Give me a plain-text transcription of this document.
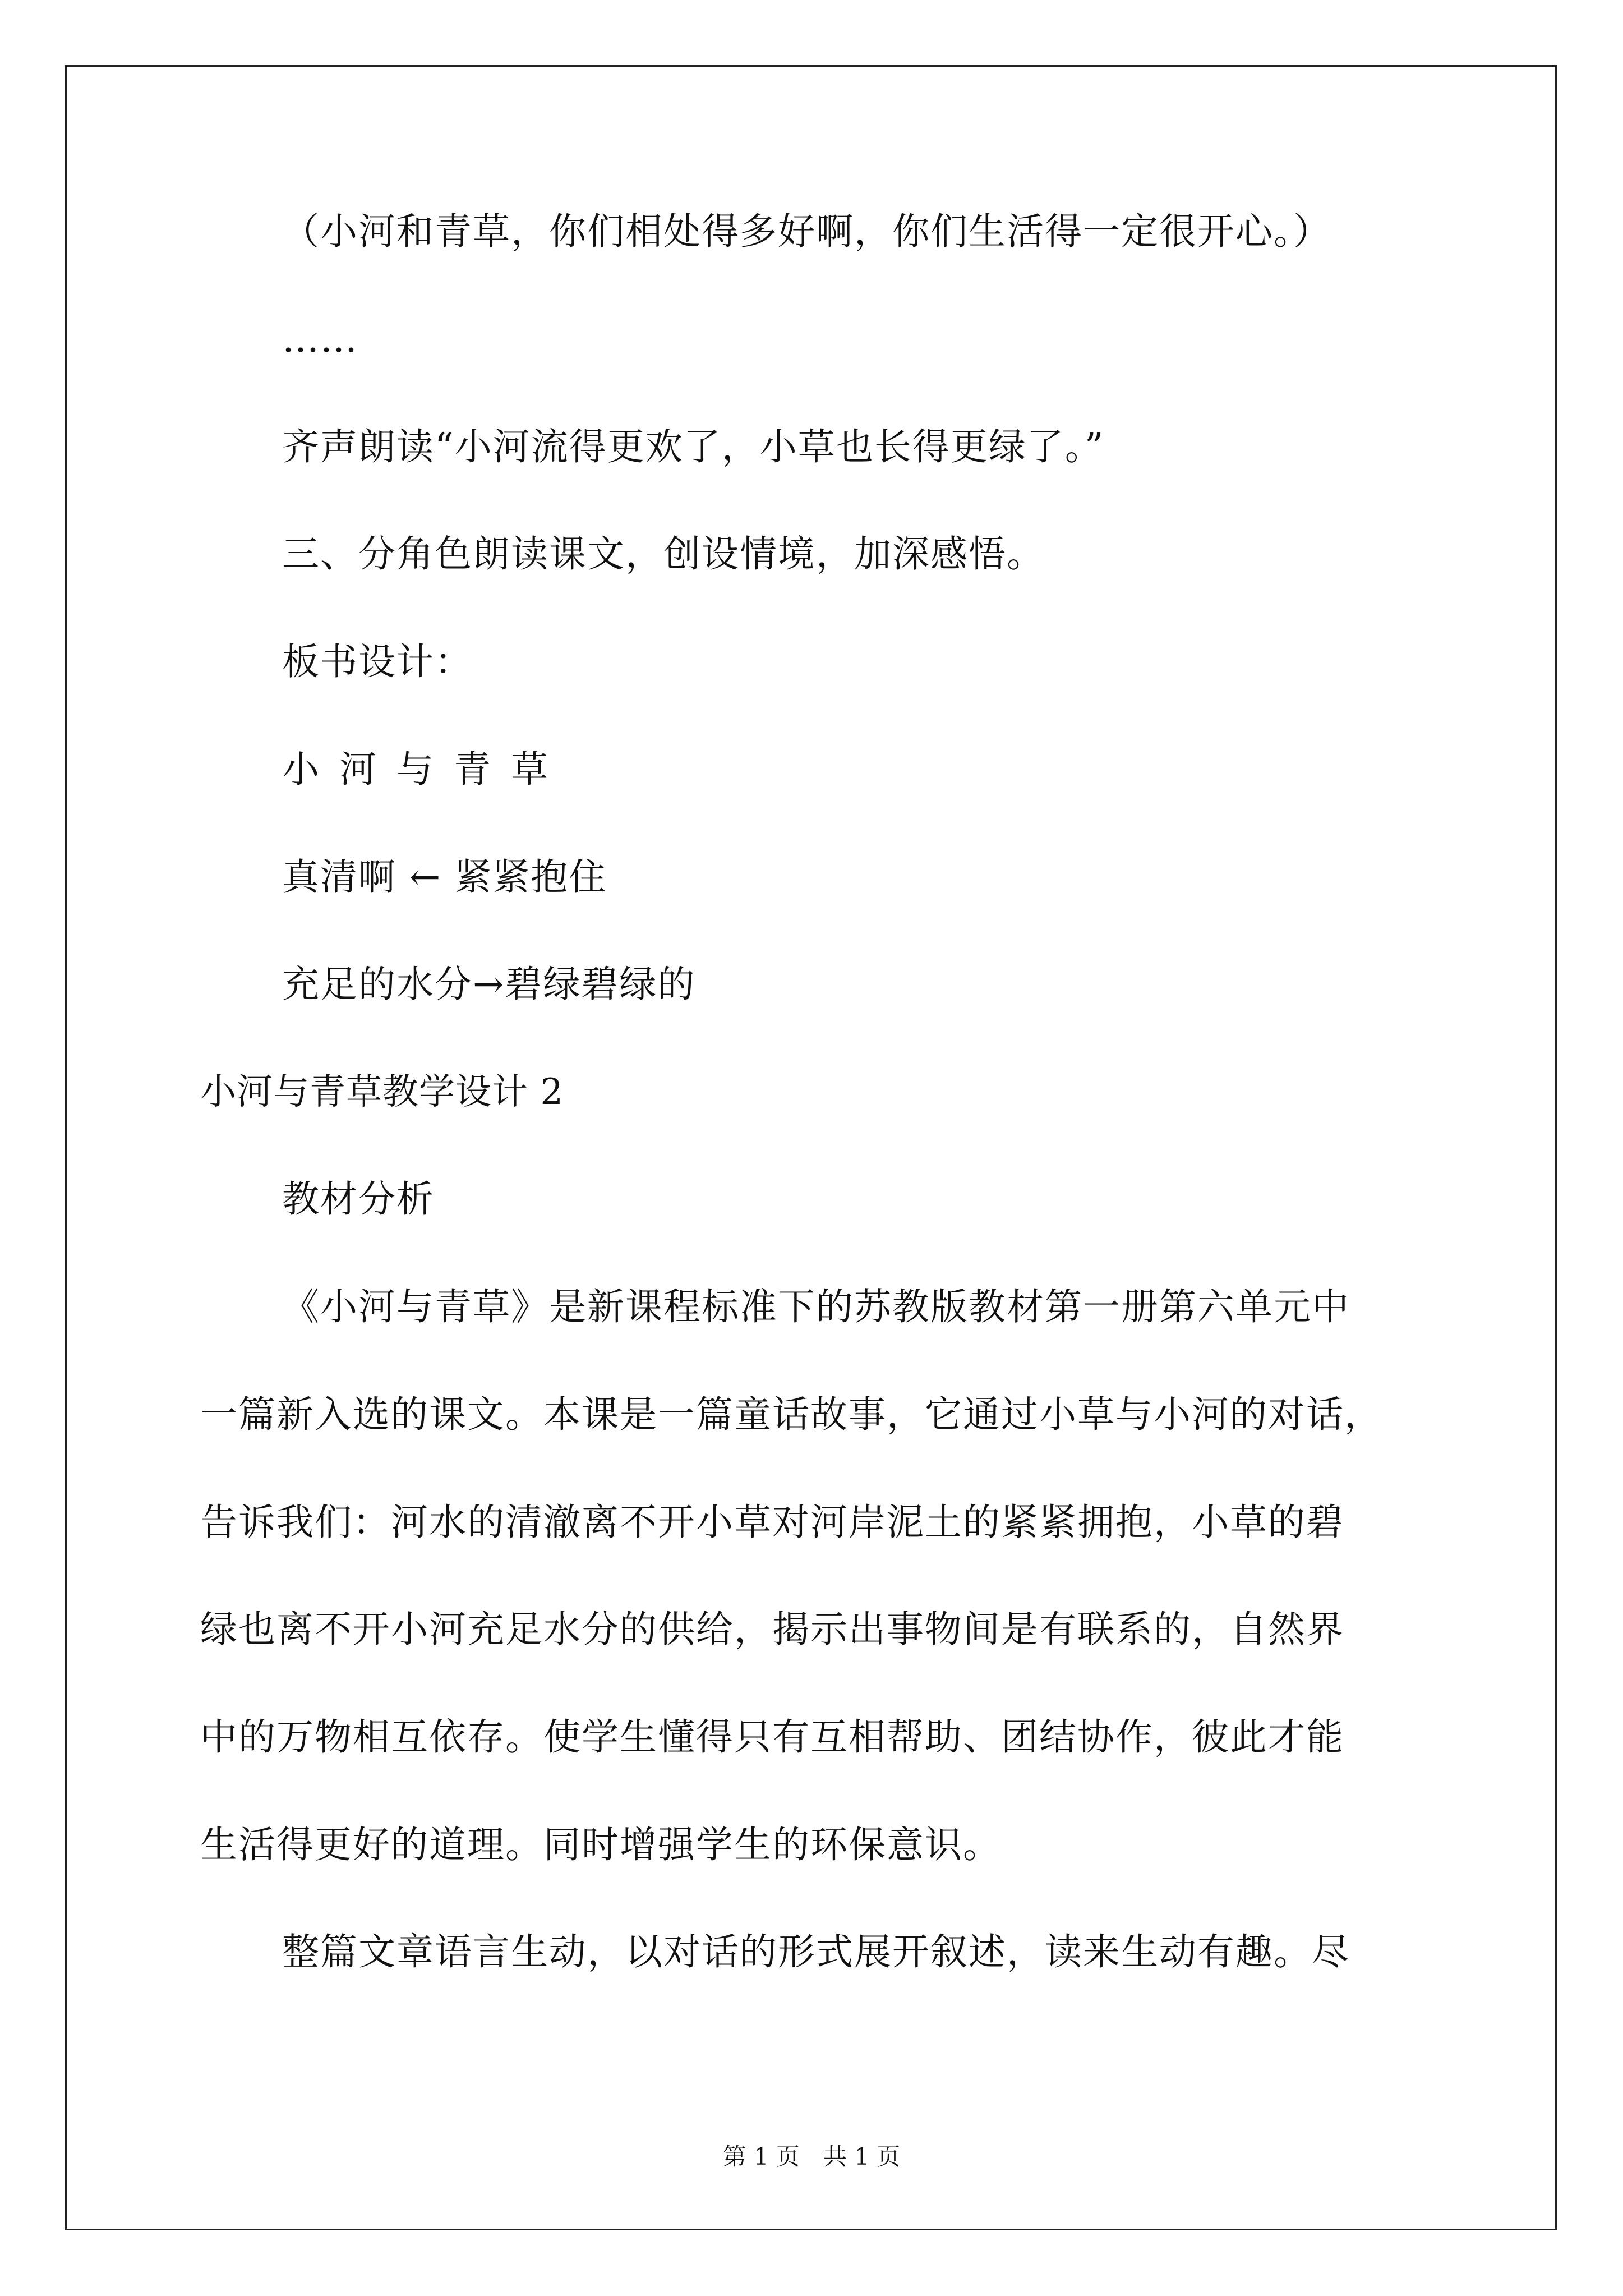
（小河和青草，你们相处得多好啊，你们生活得一定很开心。）
……
齐声朗读“小河流得更欢了，小草也长得更绿了。”
三、分角色朗读课文，创设情境，加深感悟。
板书设计：
小河与青草
真清啊 ← 紧紧抱住
充足的水分→碧绿碧绿的
小河与青草教学设计 2
教材分析
《小河与青草》是新课程标准下的苏教版教材第一册第六单元中
一篇新入选的课文。本课是一篇童话故事，它通过小草与小河的对话，
告诉我们：河水的清澈离不开小草对河岸泥土的紧紧拥抱，小草的碧
绿也离不开小河充足水分的供给，揭示出事物间是有联系的，自然界
中的万物相互依存。使学生懂得只有互相帮助、团结协作，彼此才能
生活得更好的道理。同时增强学生的环保意识。
整篇文章语言生动，以对话的形式展开叙述，读来生动有趣。尽
第 1 页　共 1 页
